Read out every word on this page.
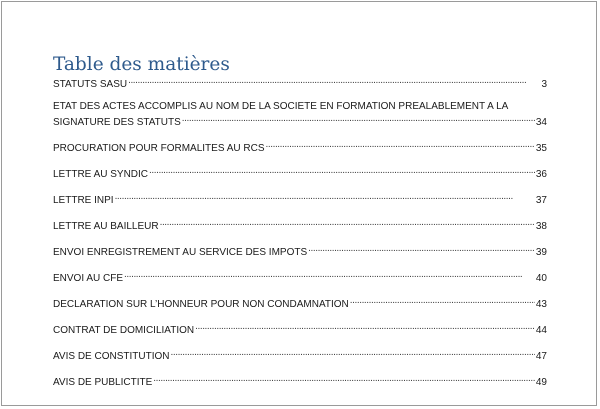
Table des matières
STATUTS SASU . . .	3
ETAT DES ACTES ACCOMPLIS AU NOM DE LA SOCIETE EN FORMATION PREALABLEMENT A LA
SIGNATURE DES STATUTS . . .	34
PROCURATION POUR FORMALITES AU RCS . . .	35
LETTRE AU SYNDIC . . .	36
LETTRE INPI . . .	37
LETTRE AU BAILLEUR . . .	38
ENVOI ENREGISTREMENT AU SERVICE DES IMPOTS . . .	39
ENVOI AU CFE . . .	40
DECLARATION SUR L’HONNEUR POUR NON CONDAMNATION . . .	43
CONTRAT DE DOMICILIATION . . .	44
AVIS DE CONSTITUTION . . .	47
AVIS DE PUBLICTITE . . .	49
